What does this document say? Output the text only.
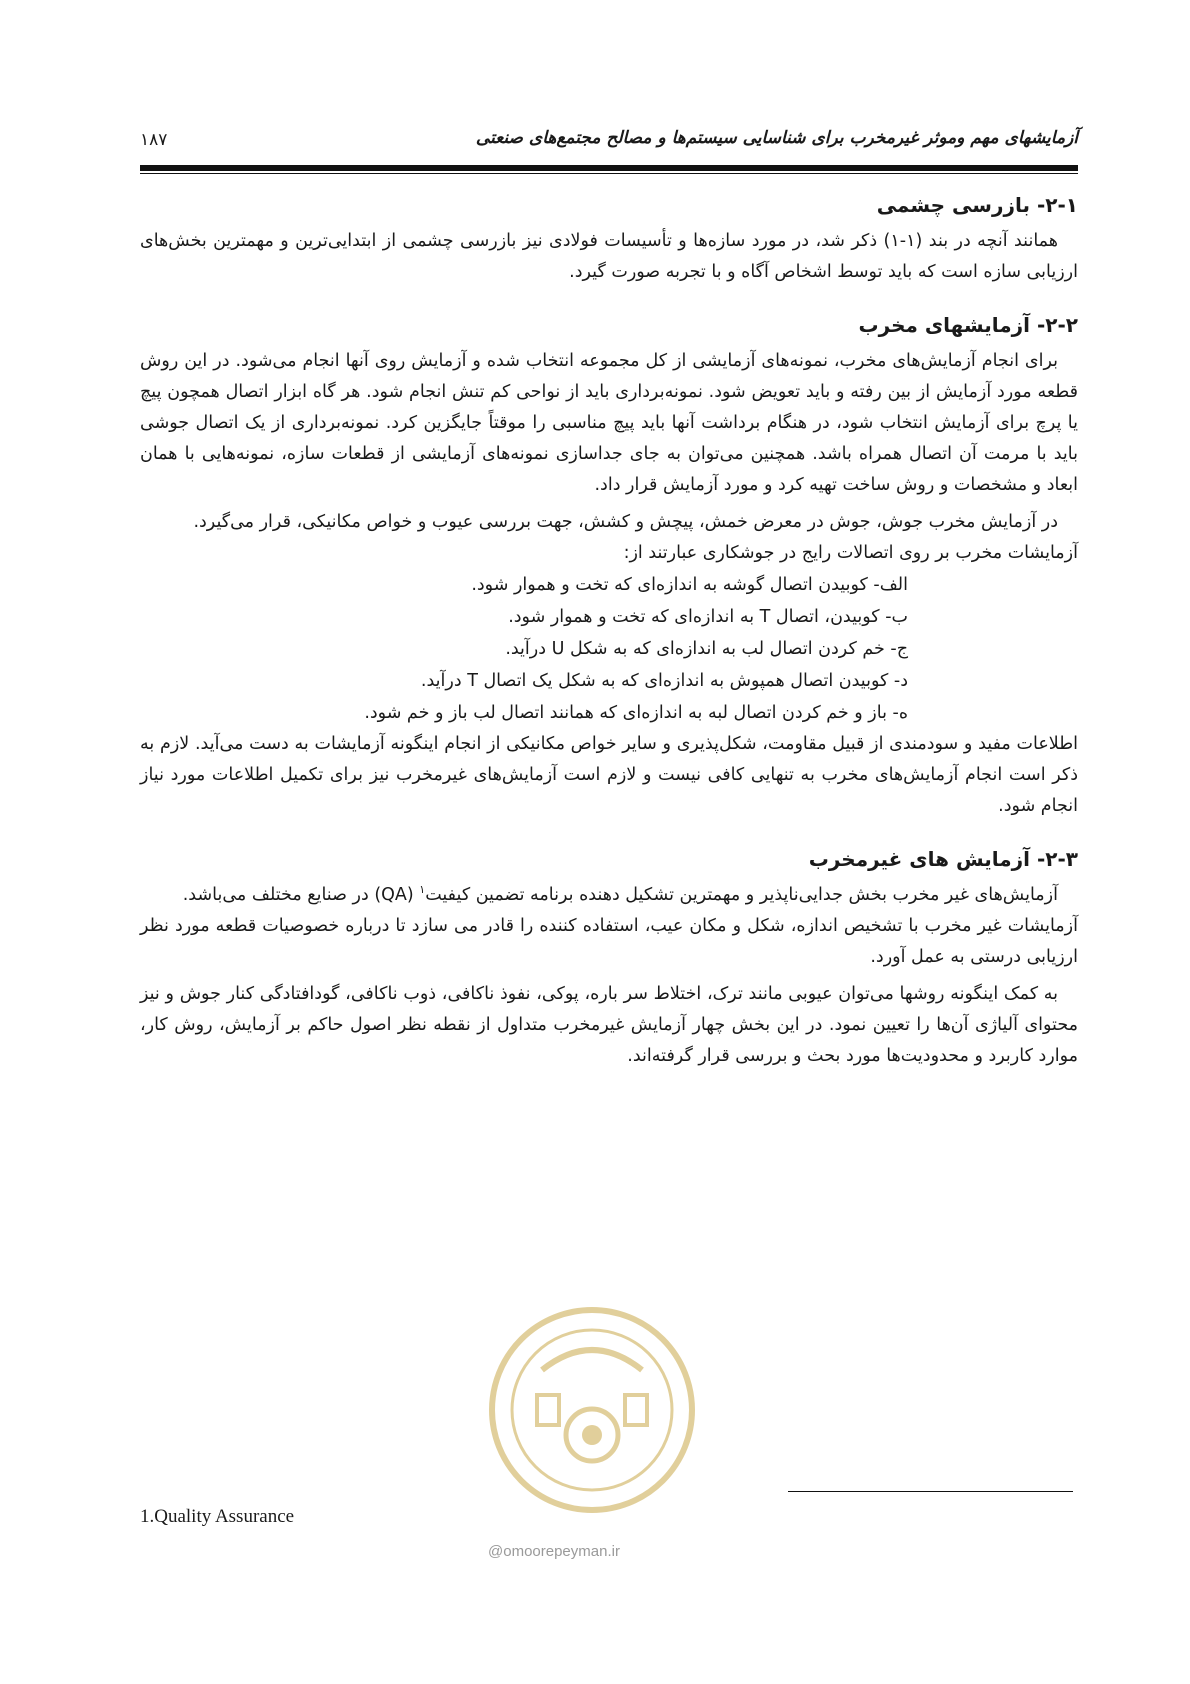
آزمایشهای مهم وموثر غیرمخرب برای شناسایی سیستم‌ها و مصالح مجتمع‌های صنعتی
۱۸۷
۲-۱- بازرسی چشمی

همانند آنچه در بند (۱-۱) ذکر شد، در مورد سازه‌ها و تأسیسات فولادی نیز بازرسی چشمی از ابتدایی‌ترین و مهمترین بخش‌های ارزیابی سازه است که باید توسط اشخاص آگاه و با تجربه صورت گیرد.

۲-۲- آزمایشهای مخرب

برای انجام آزمایش‌های مخرب، نمونه‌های آزمایشی از کل مجموعه انتخاب شده و آزمایش روی آنها انجام می‌شود. در این روش قطعه مورد آزمایش از بین رفته و باید تعویض شود. نمونه‌برداری باید از نواحی کم تنش انجام شود. هر گاه ابزار اتصال همچون پیچ یا پرچ برای آزمایش انتخاب شود، در هنگام برداشت آنها باید پیچ مناسبی را موقتاً جایگزین کرد. نمونه‌برداری از یک اتصال جوشی باید با مرمت آن اتصال همراه باشد. همچنین می‌توان به جای جداسازی نمونه‌های آزمایشی از قطعات سازه، نمونه‌هایی با همان ابعاد و مشخصات و روش ساخت تهیه کرد و مورد آزمایش قرار داد.

در آزمایش مخرب جوش، جوش در معرض خمش، پیچش و کشش، جهت بررسی عیوب و خواص مکانیکی، قرار می‌گیرد.

آزمایشات مخرب بر روی اتصالات رایج در جوشکاری عبارتند از:

الف- کوبیدن اتصال گوشه به اندازه‌ای که تخت و هموار شود.

ب- کوبیدن، اتصال T به اندازه‌ای که تخت و هموار شود.

ج- خم کردن اتصال لب به اندازه‌ای که به شکل U درآید.

د- کوبیدن اتصال همپوش به اندازه‌ای که به شکل یک اتصال T درآید.

ه- باز و خم کردن اتصال لبه به اندازه‌ای که همانند اتصال لب باز و خم شود.

اطلاعات مفید و سودمندی از قبیل مقاومت، شکل‌پذیری و سایر خواص مکانیکی از انجام اینگونه آزمایشات به دست می‌آید. لازم به ذکر است انجام آزمایش‌های مخرب به تنهایی کافی نیست و لازم است آزمایش‌های غیرمخرب نیز برای تکمیل اطلاعات مورد نیاز انجام شود.

۲-۳- آزمایش های غیرمخرب

آزمایش‌های غیر مخرب بخش جدایی‌ناپذیر و مهمترین تشکیل دهنده برنامه تضمین کیفیت$^۱$ (QA) در صنایع مختلف می‌باشد.

آزمایشات غیر مخرب با تشخیص اندازه، شکل و مکان عیب، استفاده کننده را قادر می سازد تا درباره خصوصیات قطعه مورد نظر ارزیابی درستی به عمل آورد.

به کمک اینگونه روشها می‌توان عیوبی مانند ترک، اختلاط سر باره، پوکی، نفوذ ناکافی، ذوب ناکافی، گودافتادگی کنار جوش و نیز محتوای آلیاژی آن‌ها را تعیین نمود. در این بخش چهار آزمایش غیرمخرب متداول از نقطه نظر اصول حاکم بر آزمایش، روش کار، موارد کاربرد و محدودیت‌ها مورد بحث و بررسی قرار گرفته‌اند.

1.Quality Assurance
@omoorepeyman.ir
